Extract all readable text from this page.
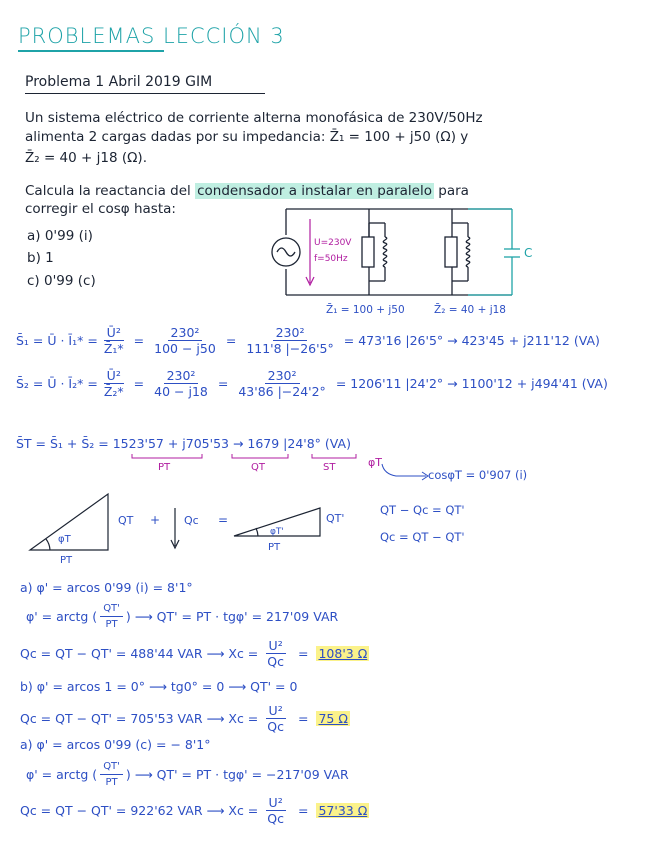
PROBLEMAS LECCIÓN 3
Problema 1 Abril 2019 GIM
Un sistema eléctrico de corriente alterna monofásica de 230V/50Hz
alimenta 2 cargas dadas por su impedancia: Z̄₁ = 100 + j50 (Ω) y
Z̄₂ = 40 + j18 (Ω).
Calcula la reactancia del condensador a instalar en paralelo para
corregir el cosφ hasta:
a) 0'99 (i)
b) 1
c) 0'99 (c)
C
U=230V
f=50Hz
Z̄₁ = 100 + j50	Z̄₂ = 40 + j18
S̄₁ = Ū · Ī₁* = $\frac{\text{Ū²}}{\text{Z̄₁*}} = \frac{\text{230²}}{100 - j50} = \frac{\text{230²}}{111'8 |-26'5^\circ} = 473'16$ |26'5° → 423'45 + j211'12 (VA)
S̄₂ = Ū · Ī₂* = $\frac{\text{Ū²}}{\text{Z̄₂*}} = \frac{\text{230²}}{40 - j18} = \frac{\text{230²}}{43'86 |-24'2^\circ} = 1206'11$ |24'2° → 1100'12 + j494'41 (VA)
S̄T = S̄₁ + S̄₂ = 1523'57 + j705'53 → 1679 |24'8° (VA)
PT	QT	ST	φT
cosφT = 0'907 (i)
φT
PT
QT + Qc =
φT'
PT
QT'
QT − Qc = QT'
Qc = QT − QT'
a) φ' = arcos 0'99 (i) = 8'1°
φ' = arctg ( $\frac{QT'}{PT}$ ) ⟶ QT' = PT · tgφ' = 217'09 VAR
Qc = QT − QT' = 488'44 VAR ⟶ $Xc = \frac{\text{U²}}{Qc} = 108'3$ Ω
b) φ' = arcos 1 = 0° ⟶ tg0° = 0 ⟶ QT' = 0
Qc = QT − QT' = 705'53 VAR ⟶ $Xc = \frac{\text{U²}}{Qc} = 75$ Ω
a) φ' = arcos 0'99 (c) = − 8'1°
φ' = arctg ( $\frac{QT'}{PT}$ ) ⟶ QT' = PT · tgφ' = −217'09 VAR
Qc = QT − QT' = 922'62 VAR ⟶ $Xc = \frac{\text{U²}}{Qc} = 57'33$ Ω
